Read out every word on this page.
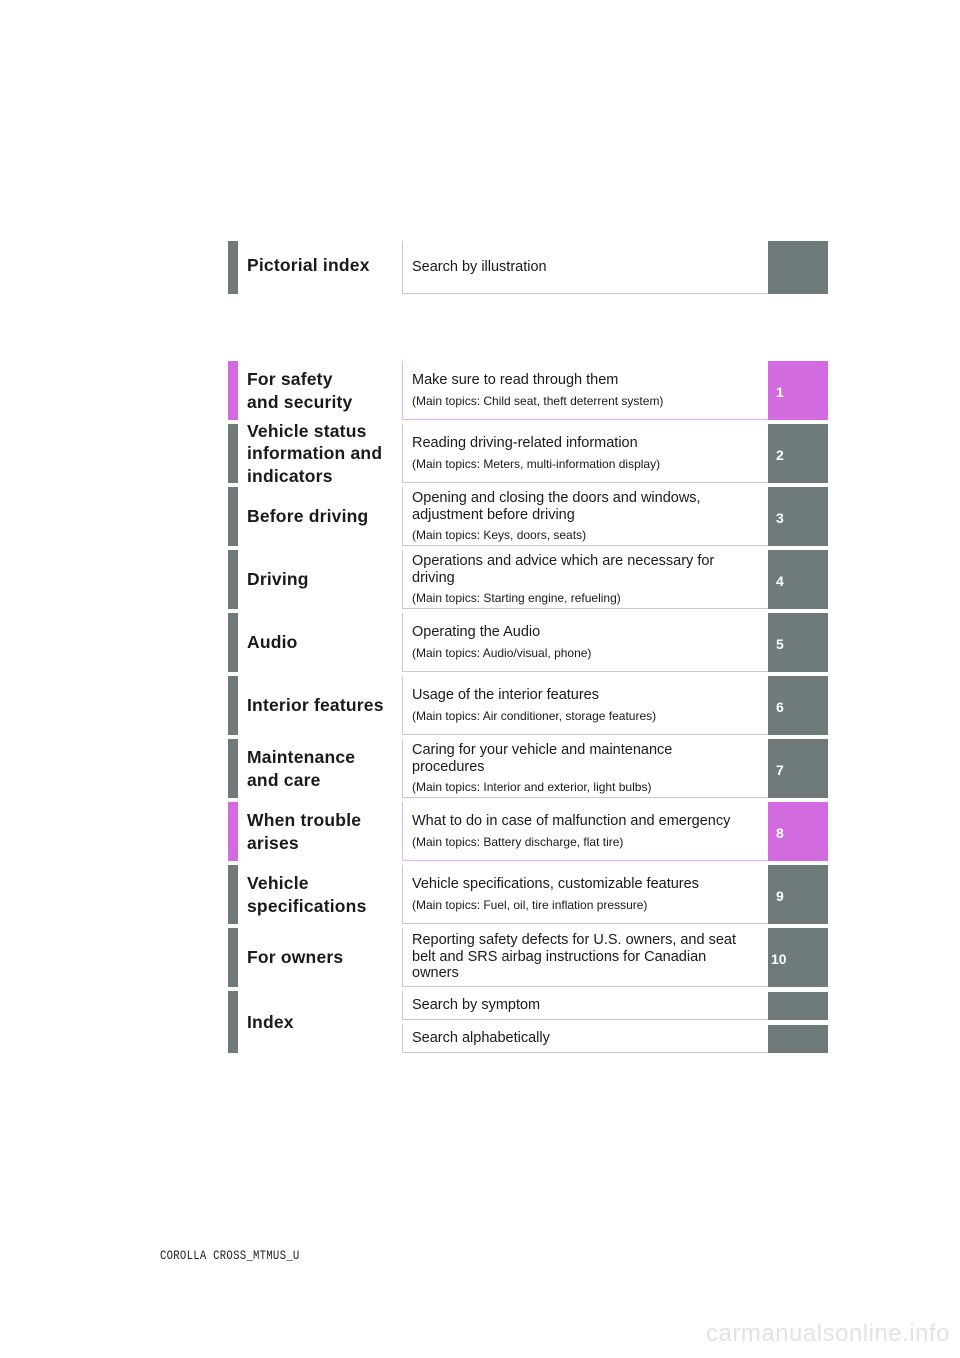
Pictorial index	Search by illustration
For safety
and security
Make sure to read through them
(Main topics: Child seat, theft deterrent system)
1
Vehicle status
information and
indicators
Reading driving-related information
(Main topics: Meters, multi-information display)
2
Before driving
Opening and closing the doors and windows,
adjustment before driving
(Main topics: Keys, doors, seats)
3
Driving
Operations and advice which are necessary for
driving
(Main topics: Starting engine, refueling)
4
Audio	Operating the Audio
(Main topics: Audio/visual, phone)
5
Interior features Usage of the interior features
(Main topics: Air conditioner, storage features)
6
Maintenance
and care
Caring for your vehicle and maintenance
procedures
(Main topics: Interior and exterior, light bulbs)
7
When trouble
arises
What to do in case of malfunction and emergency
(Main topics: Battery discharge, flat tire)
8
Vehicle
specifications
Vehicle specifications, customizable features
(Main topics: Fuel, oil, tire inflation pressure)
9
For owners
Reporting safety defects for U.S. owners, and seat
belt and SRS airbag instructions for Canadian
owners
10
Index
Search by symptom
Search alphabetically
COROLLA CROSS_MTMUS_U
carmanualsonline.info
